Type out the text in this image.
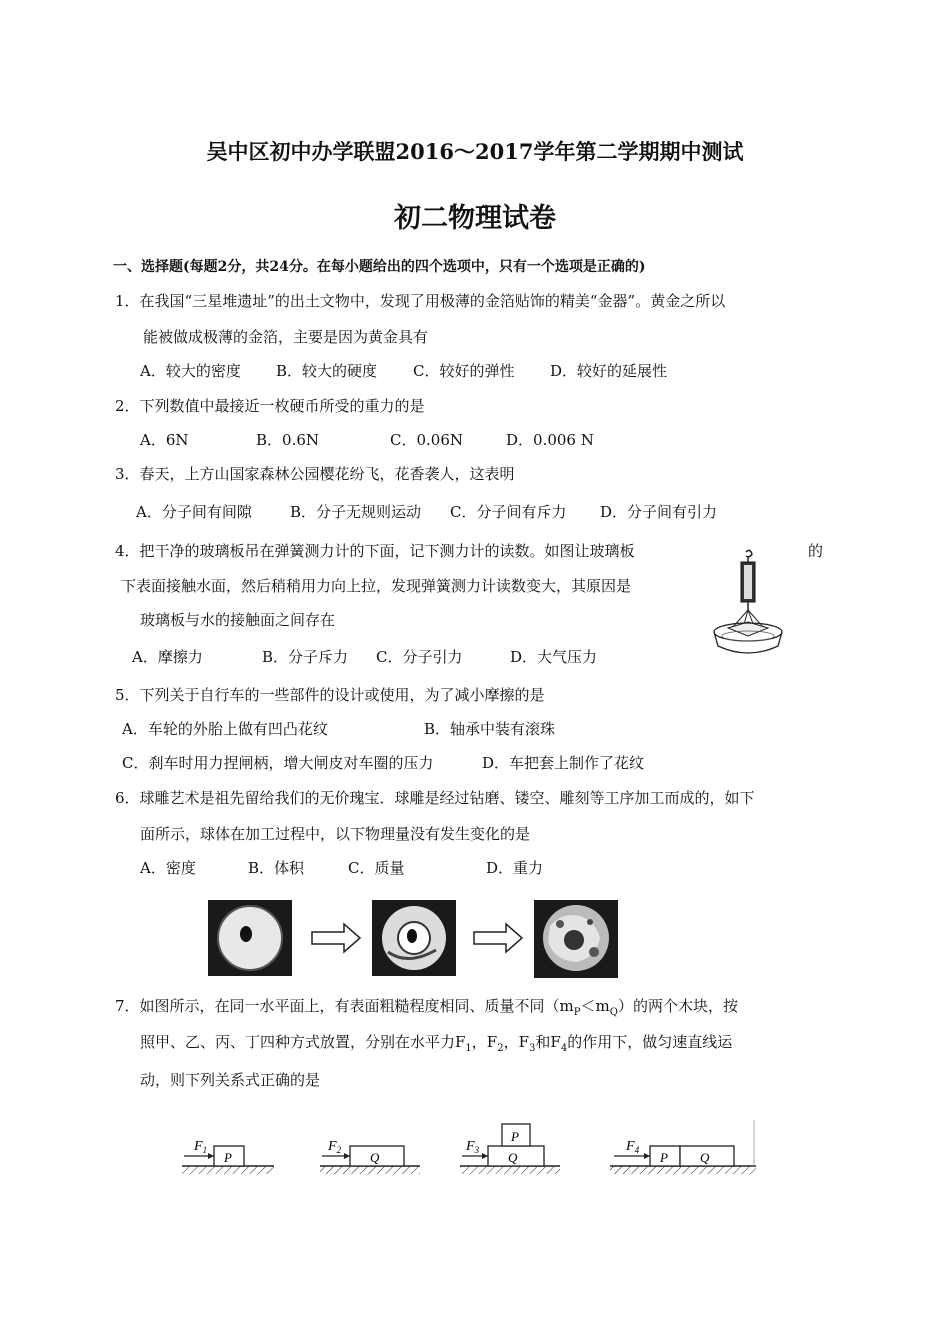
吴中区初中办学联盟2016～2017学年第二学期期中测试
初二物理试卷
一、选择题(每题2分，共24分。在每小题给出的四个选项中，只有一个选项是正确的)
1．在我国“三星堆遗址”的出土文物中，发现了用极薄的金箔贴饰的精美“金器”。黄金之所以
能被做成极薄的金箔，主要是因为黄金具有
A．较大的密度 B．较大的硬度 C．较好的弹性 D．较好的延展性
2．下列数值中最接近一枚硬币所受的重力的是
A．6N	B．0.6N	C．0.06N	D．0.006 N
3．春天，上方山国家森林公园樱花纷飞，花香袭人，这表明
A．分子间有间隙	B．分子无规则运动 C．分子间有斥力 D．分子间有引力
4．把干净的玻璃板吊在弹簧测力计的下面，记下测力计的读数。如图让玻璃板	的
下表面接触水面，然后稍稍用力向上拉，发现弹簧测力计读数变大，其原因是
玻璃板与水的接触面之间存在
A．摩擦力	B．分子斥力 C．分子引力	D．大气压力
5．下列关于自行车的一些部件的设计或使用，为了减小摩擦的是
A．车轮的外胎上做有凹凸花纹	B．轴承中装有滚珠
C．刹车时用力捏闸柄，增大闸皮对车圈的压力	D．车把套上制作了花纹
6．球雕艺术是祖先留给我们的无价瑰宝．球雕是经过钻磨、镂空、雕刻等工序加工而成的，如下
面所示，球体在加工过程中，以下物理量没有发生变化的是
A．密度	B．体积	C．质量	D．重力
7．如图所示，在同一水平面上，有表面粗糙程度相同、质量不同$(m_P<m_Q)$的两个木块，按
照甲、乙、丙、丁四种方式放置，分别在水平力$F_1$，$F_2$，$F_3$和$F_4$的作用下，做匀速直线运
动，则下列关系式正确的是
$F_1$ P
$F_2$ Q
$F_3$
P
Q
$F_4$ P Q
